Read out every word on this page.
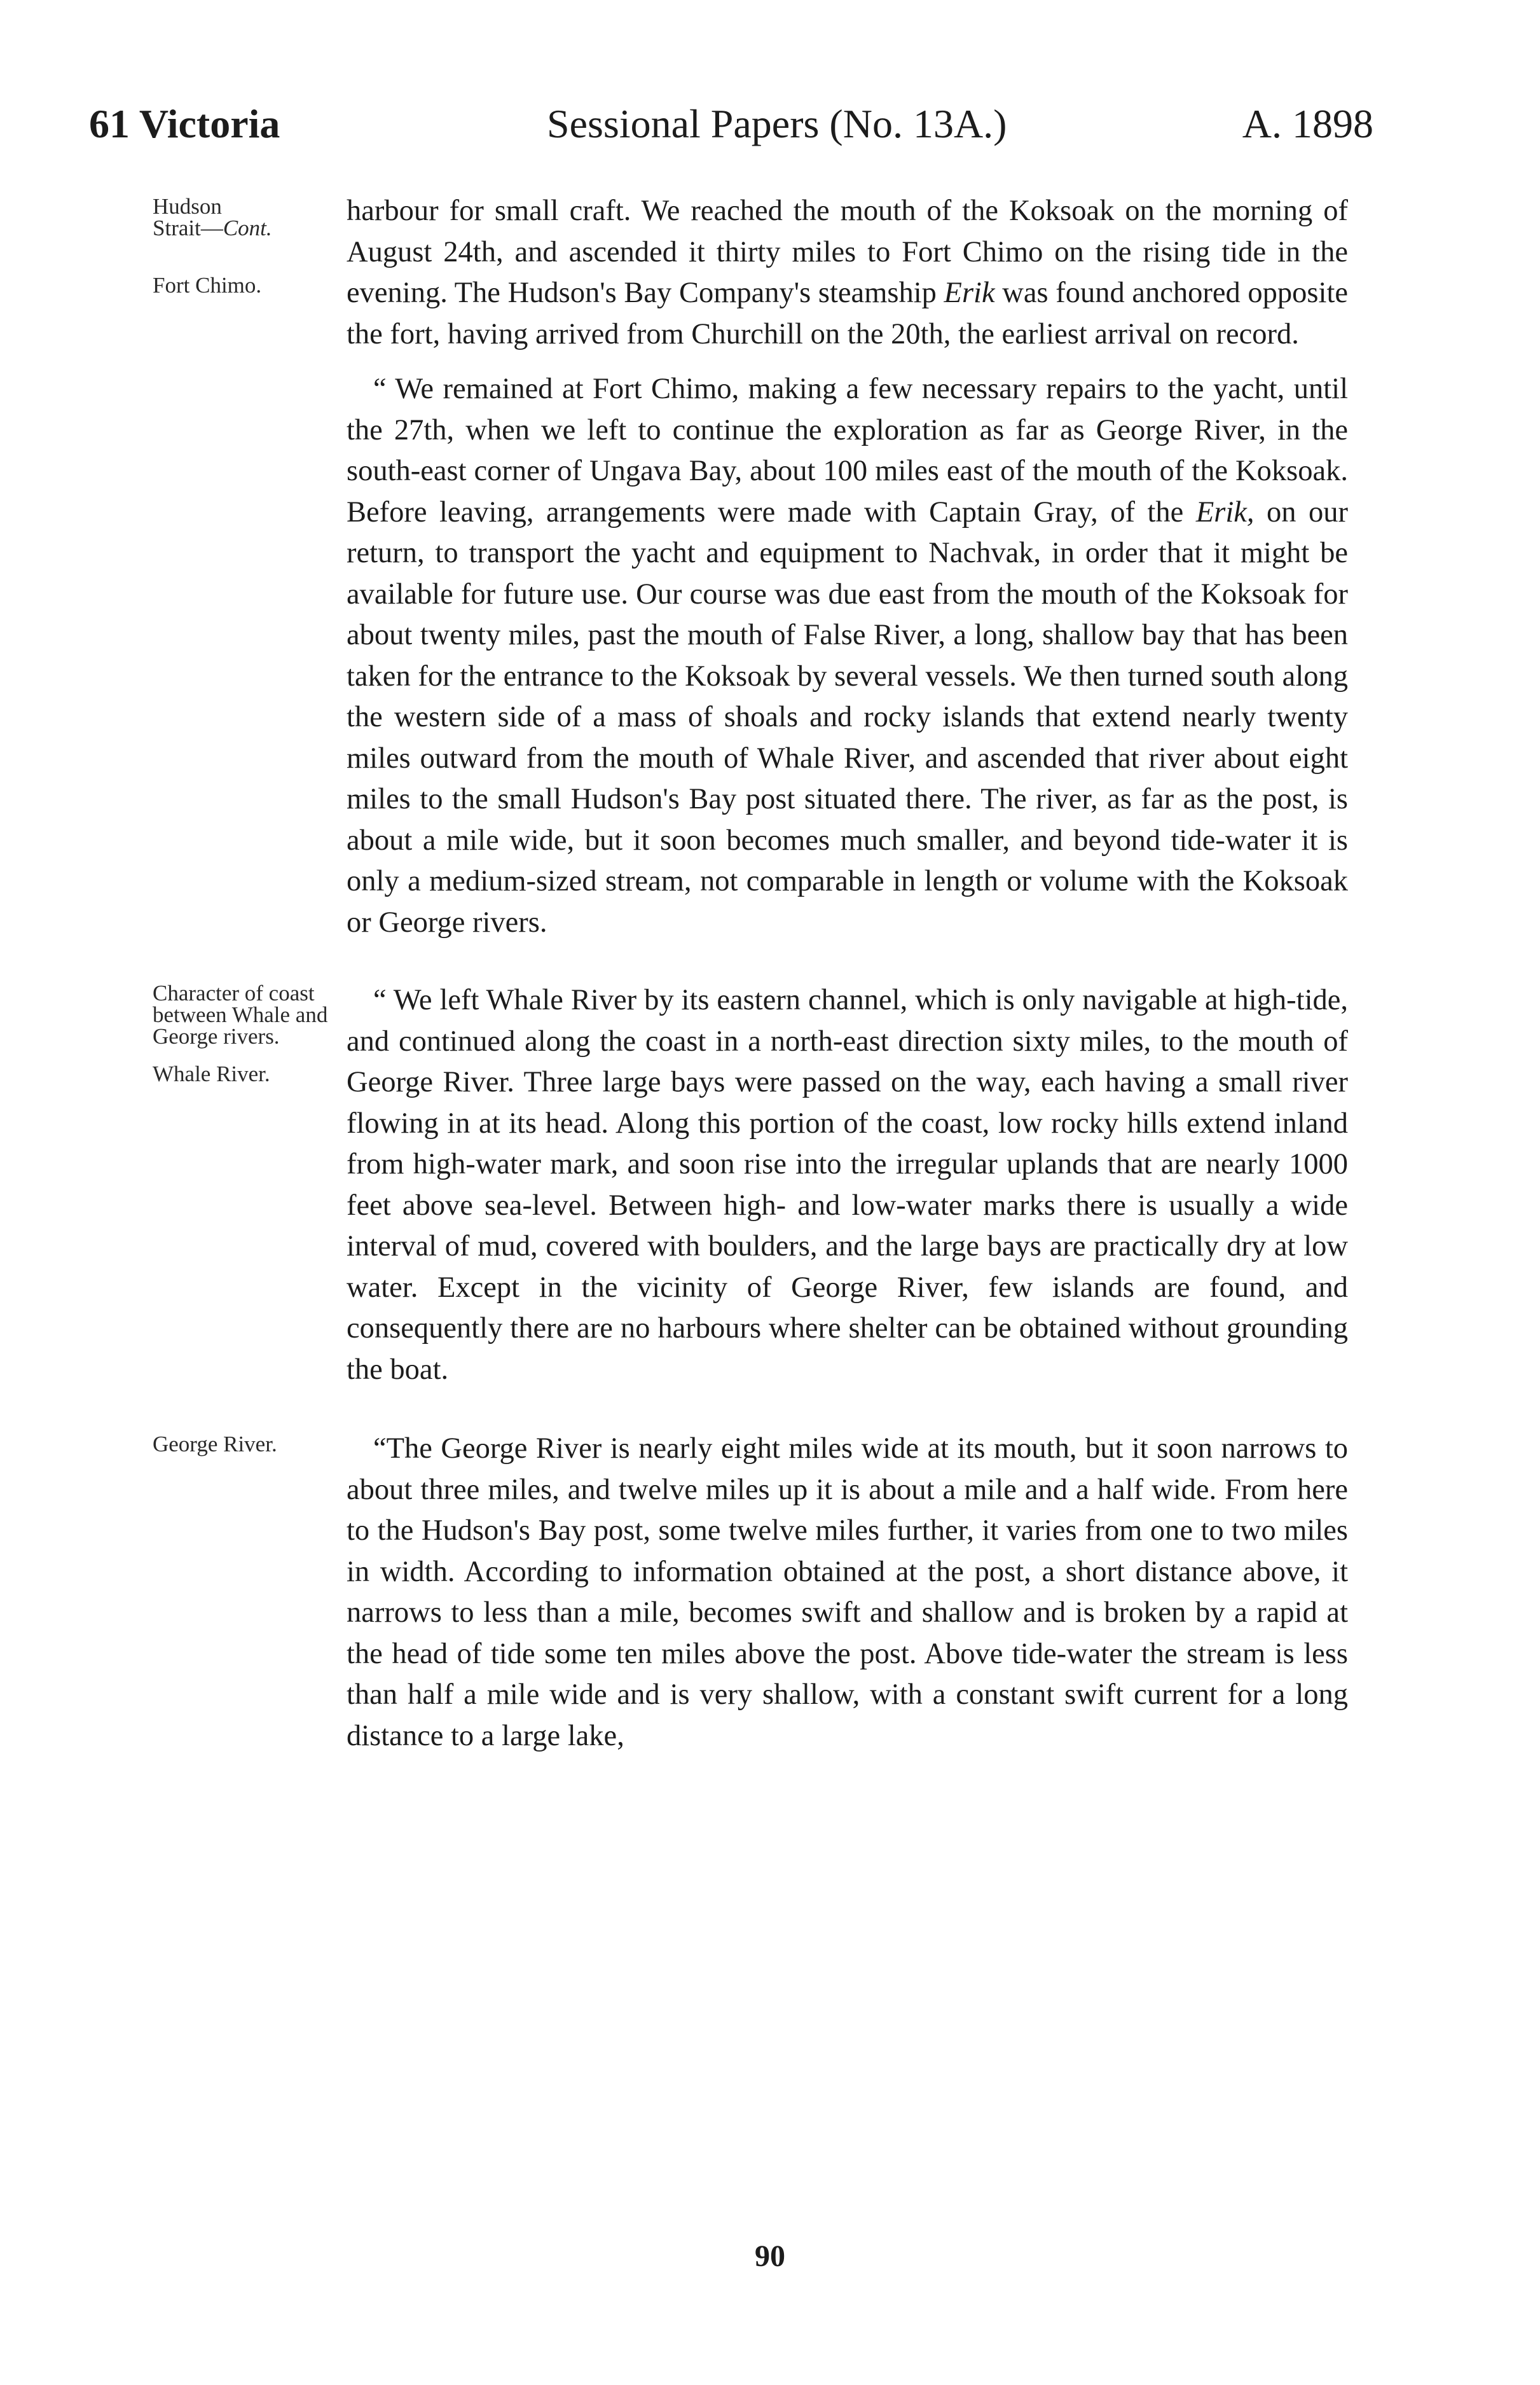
61 Victoria	Sessional Papers (No. 13A.)	A. 1898
Hudson
Strait—Cont.
Fort Chimo.

harbour for small craft. We reached the mouth of the Koksoak on the morning of August 24th, and ascended it thirty miles to Fort Chimo on the rising tide in the evening. The Hudson's Bay Company's steamship Erik was found anchored opposite the fort, having arrived from Churchill on the 20th, the earliest arrival on record.

Whale River.

“ We remained at Fort Chimo, making a few necessary repairs to the yacht, until the 27th, when we left to continue the exploration as far as George River, in the south-east corner of Ungava Bay, about 100 miles east of the mouth of the Koksoak. Before leaving, arrangements were made with Captain Gray, of the Erik, on our return, to transport the yacht and equipment to Nachvak, in order that it might be available for future use. Our course was due east from the mouth of the Koksoak for about twenty miles, past the mouth of False River, a long, shallow bay that has been taken for the entrance to the Koksoak by several vessels. We then turned south along the western side of a mass of shoals and rocky islands that extend nearly twenty miles outward from the mouth of Whale River, and ascended that river about eight miles to the small Hudson's Bay post situated there. The river, as far as the post, is about a mile wide, but it soon becomes much smaller, and beyond tide-water it is only a medium-sized stream, not comparable in length or volume with the Koksoak or George rivers.

Character of coast between Whale and George rivers.

“ We left Whale River by its eastern channel, which is only navigable at high-tide, and continued along the coast in a north-east direction sixty miles, to the mouth of George River. Three large bays were passed on the way, each having a small river flowing in at its head. Along this portion of the coast, low rocky hills extend inland from high-water mark, and soon rise into the irregular uplands that are nearly 1000 feet above sea-level. Between high- and low-water marks there is usually a wide interval of mud, covered with boulders, and the large bays are practically dry at low water. Except in the vicinity of George River, few islands are found, and consequently there are no harbours where shelter can be obtained without grounding the boat.

George River.	“The George River is nearly eight miles wide at its mouth, but it soon narrows to about three miles, and twelve miles up it is about a mile and a half wide. From here to the Hudson's Bay post, some twelve miles further, it varies from one to two miles in width. According to information obtained at the post, a short distance above, it narrows to less than a mile, becomes swift and shallow and is broken by a rapid at the head of tide some ten miles above the post. Above tide-water the stream is less than half a mile wide and is very shallow, with a constant swift current for a long distance to a large lake,

90
